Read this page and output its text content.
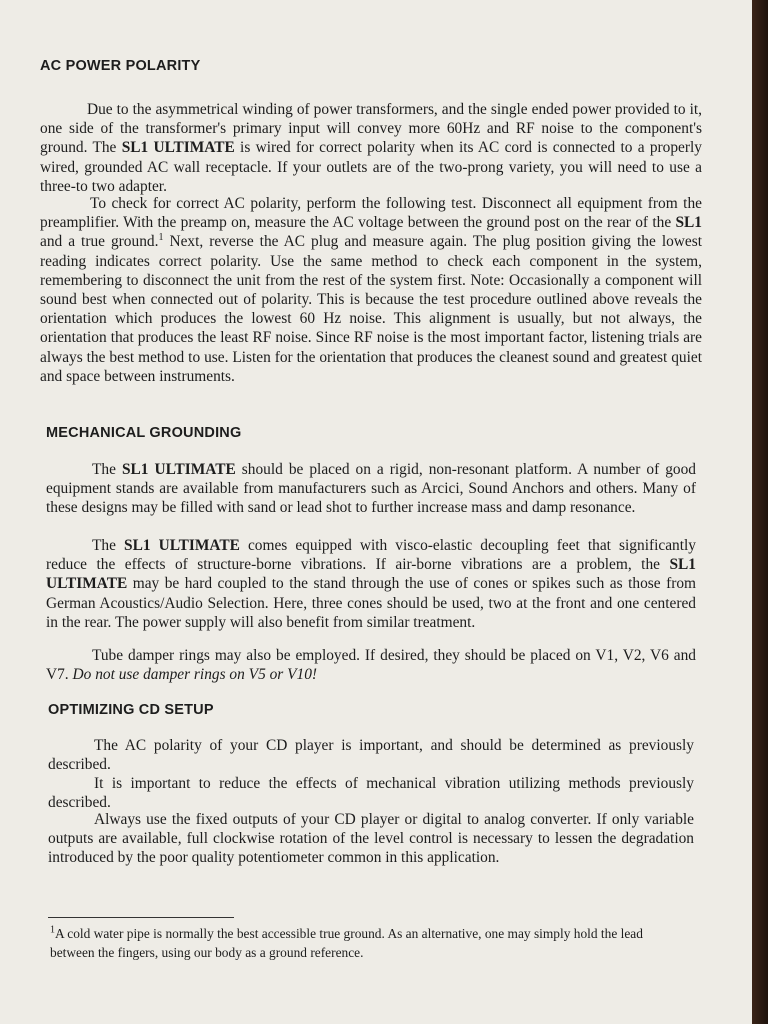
AC POWER POLARITY

Due to the asymmetrical winding of power transformers, and the single ended power provided to it, one side of the transformer's primary input will convey more 60Hz and RF noise to the component's ground. The SL1 ULTIMATE is wired for correct polarity when its AC cord is connected to a properly wired, grounded AC wall receptacle. If your outlets are of the two-prong variety, you will need to use a three-to two adapter.

To check for correct AC polarity, perform the following test. Disconnect all equipment from the preamplifier. With the preamp on, measure the AC voltage between the ground post on the rear of the SL1 and a true ground.$^1$ Next, reverse the AC plug and measure again. The plug position giving the lowest reading indicates correct polarity. Use the same method to check each component in the system, remembering to disconnect the unit from the rest of the system first. Note: Occasionally a component will sound best when connected out of polarity. This is because the test procedure outlined above reveals the orientation which produces the lowest 60 Hz noise. This alignment is usually, but not always, the orientation that produces the least RF noise. Since RF noise is the most important factor, listening trials are always the best method to use. Listen for the orientation that produces the cleanest sound and greatest quiet and space between instruments.

MECHANICAL GROUNDING

The SL1 ULTIMATE should be placed on a rigid, non-resonant platform. A number of good equipment stands are available from manufacturers such as Arcici, Sound Anchors and others. Many of these designs may be filled with sand or lead shot to further increase mass and damp resonance.

The SL1 ULTIMATE comes equipped with visco-elastic decoupling feet that significantly reduce the effects of structure-borne vibrations. If air-borne vibrations are a problem, the SL1 ULTIMATE may be hard coupled to the stand through the use of cones or spikes such as those from German Acoustics/Audio Selection. Here, three cones should be used, two at the front and one centered in the rear. The power supply will also benefit from similar treatment.

Tube damper rings may also be employed. If desired, they should be placed on V1, V2, V6 and V7. Do not use damper rings on V5 or V10!

OPTIMIZING CD SETUP

The AC polarity of your CD player is important, and should be determined as previously described.

It is important to reduce the effects of mechanical vibration utilizing methods previously described.

Always use the fixed outputs of your CD player or digital to analog converter. If only variable outputs are available, full clockwise rotation of the level control is necessary to lessen the degradation introduced by the poor quality potentiometer common in this application.

$^1$A cold water pipe is normally the best accessible true ground. As an alternative, one may simply hold the lead between the fingers, using our body as a ground reference.
